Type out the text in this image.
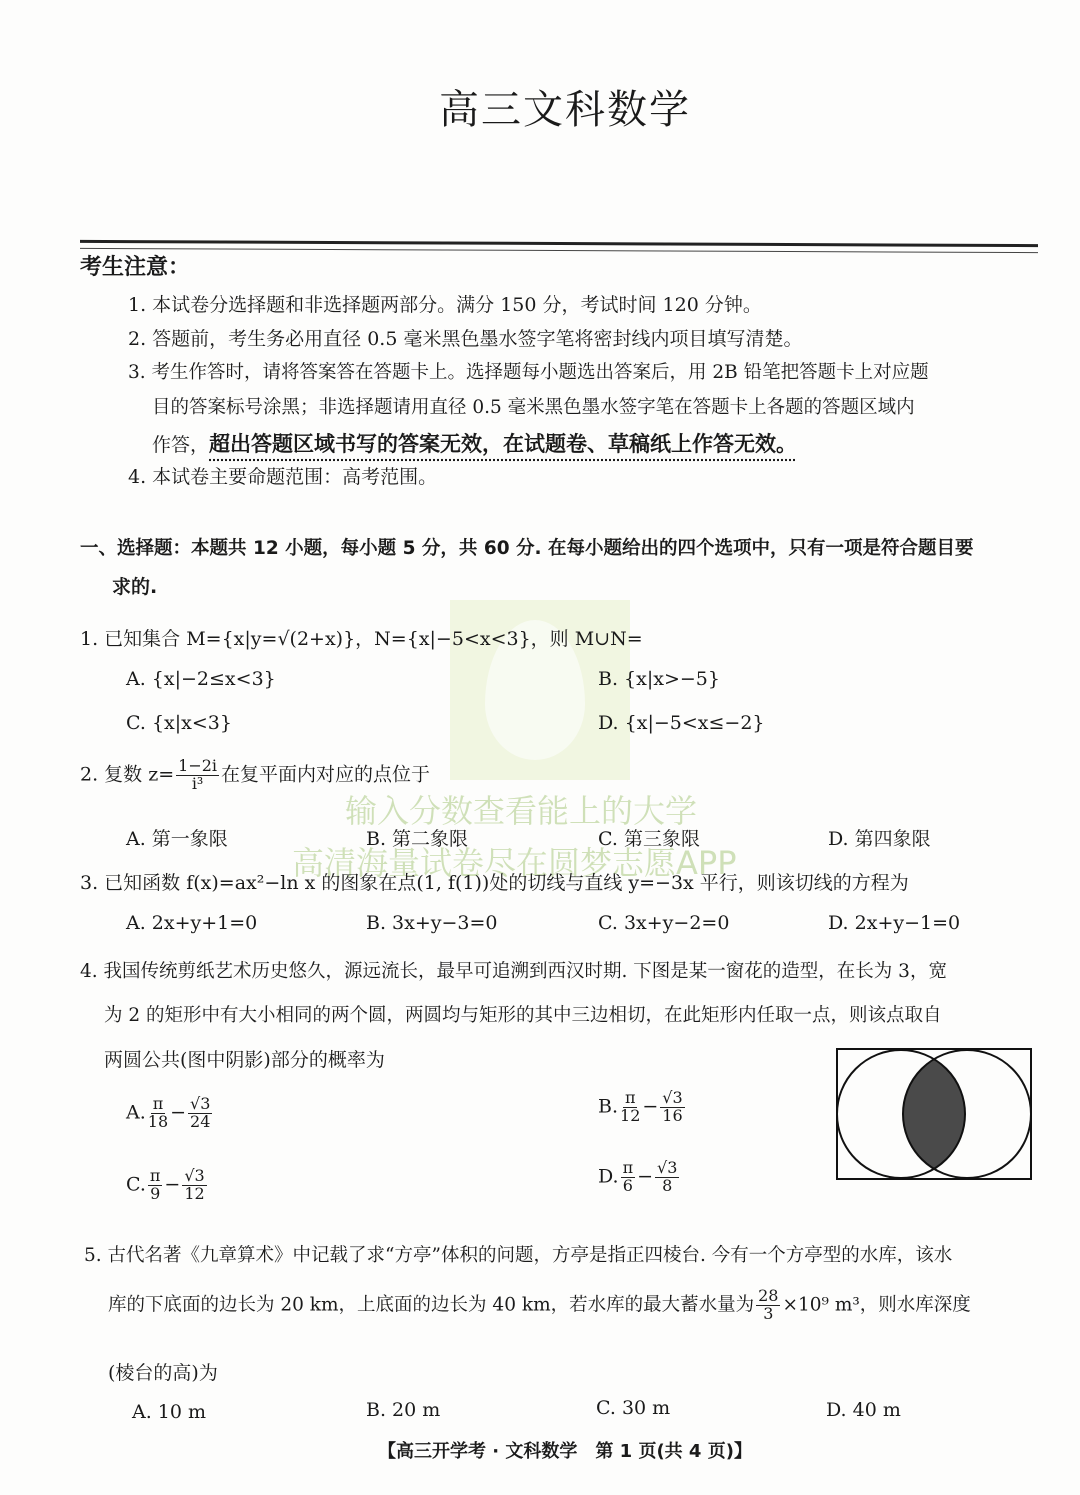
高三文科数学
考生注意：
1. 本试卷分选择题和非选择题两部分。满分 150 分，考试时间 120 分钟。
2. 答题前，考生务必用直径 0.5 毫米黑色墨水签字笔将密封线内项目填写清楚。
3. 考生作答时，请将答案答在答题卡上。选择题每小题选出答案后，用 2B 铅笔把答题卡上对应题
目的答案标号涂黑；非选择题请用直径 0.5 毫米黑色墨水签字笔在答题卡上各题的答题区域内
作答，超出答题区域书写的答案无效，在试题卷、草稿纸上作答无效。
4. 本试卷主要命题范围：高考范围。
一、选择题：本题共 12 小题，每小题 5 分，共 60 分. 在每小题给出的四个选项中，只有一项是符合题目要
求的.
1. 已知集合 M={x|y=√(2+x)}，N={x|−5<x<3}，则 M∪N=
A. {x|−2≤x<3}	B. {x|x>−5}
C. {x|x<3}	D. {x|−5<x≤−2}
2. 复数 $z= \frac{1-2i}{\text{i³}}$ 在复平面内对应的点位于
输入分数查看能上的大学
高清海量试卷尽在圆梦志愿APP
A. 第一象限	B. 第二象限	C. 第三象限	D. 第四象限
3. 已知函数 f(x)=ax²−ln x 的图象在点(1, f(1))处的切线与直线 y=−3x 平行，则该切线的方程为
A. 2x+y+1=0	B. 3x+y−3=0	C. 3x+y−2=0	D. 2x+y−1=0
4. 我国传统剪纸艺术历史悠久，源远流长，最早可追溯到西汉时期. 下图是某一窗花的造型，在长为 3，宽
为 2 的矩形中有大小相同的两个圆，两圆均与矩形的其中三边相切，在此矩形内任取一点，则该点取自
两圆公共(图中阴影)部分的概率为
A. $\frac{\pi}{18} - \frac{√3}{24}$	B. $\frac{\pi}{12} - \frac{√3}{16}$
C. $\frac{\pi}{9} - \frac{√3}{12}$	D. $\frac{\pi}{6} - \frac{√3}{8}$
5. 古代名著《九章算术》中记载了求“方亭”体积的问题，方亭是指正四棱台. 今有一个方亭型的水库，该水
库的下底面的边长为 20 km，上底面的边长为 40 km，若水库的最大蓄水量为 $\frac{28}{3} \times 10^9$ m³，则水库深度
(棱台的高)为
A. 10 m	B. 20 m	C. 30 m	D. 40 m
【高三开学考 · 文科数学　第 1 页(共 4 页)】
